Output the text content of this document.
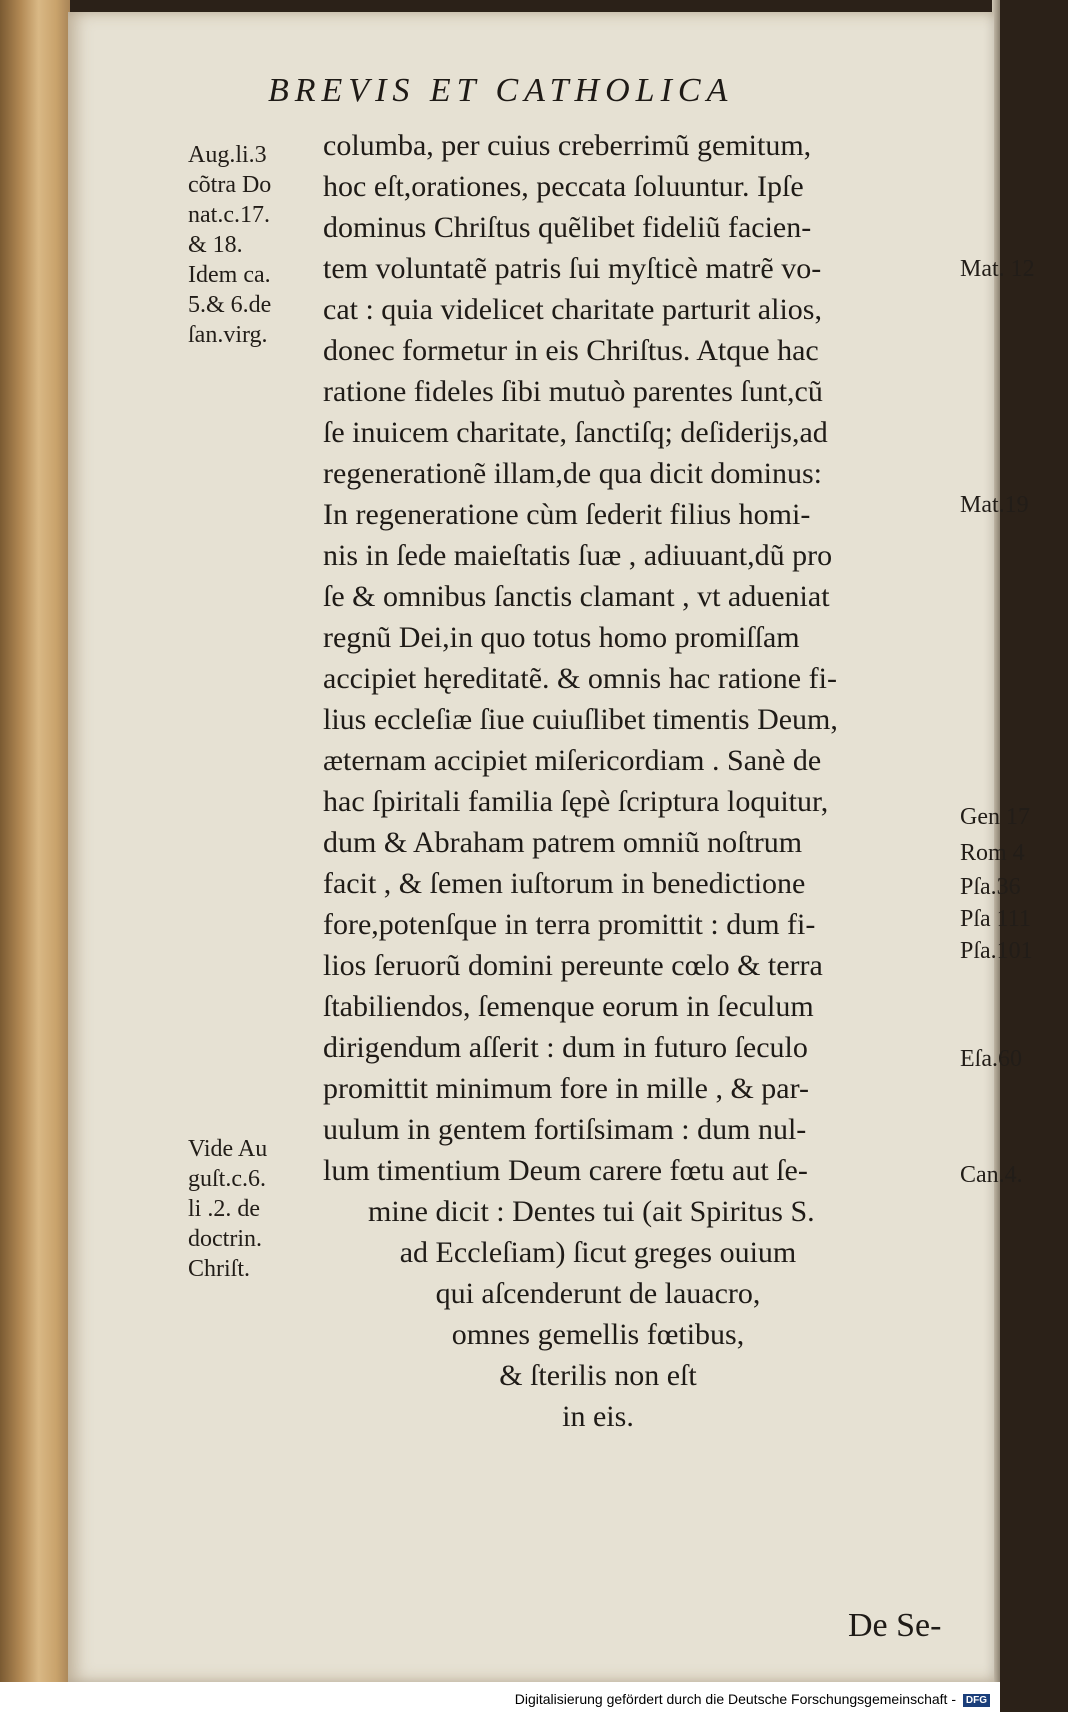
BREVIS ET CATHOLICA
columba, per cuius creberrimũ gemitum,
hoc eſt,orationes, peccata ſoluuntur. Ipſe
dominus Chriſtus quẽlibet fideliũ facien-
tem voluntatẽ patris ſui myſticè matrẽ vo-
cat : quia videlicet charitate parturit alios,
donec formetur in eis Chriſtus. Atque hac
ratione fideles ſibi mutuò parentes ſunt,cũ
ſe inuicem charitate, ſanctiſq; deſiderijs,ad
regenerationẽ illam,de qua dicit dominus:
In regeneratione cùm ſederit filius homi-
nis in ſede maieſtatis ſuæ , adiuuant,dũ pro
ſe & omnibus ſanctis clamant , vt adueniat
regnũ Dei,in quo totus homo promiſſam
accipiet hęreditatẽ. & omnis hac ratione fi-
lius eccleſiæ ſiue cuiuſlibet timentis Deum,
æternam accipiet miſericordiam . Sanè de
hac ſpiritali familia ſępè ſcriptura loquitur,
dum & Abraham patrem omniũ noſtrum
facit , & ſemen iuſtorum in benedictione
fore,potenſque in terra promittit : dum fi-
lios ſeruorũ domini pereunte cœlo & terra
ſtabiliendos, ſemenque eorum in ſeculum
dirigendum aſſerit : dum in futuro ſeculo
promittit minimum fore in mille , & par-
uulum in gentem fortiſsimam : dum nul-
lum timentium Deum carere fœtu aut ſe-
mine dicit : Dentes tui (ait Spiritus S.
ad Eccleſiam) ſicut greges ouium
qui aſcenderunt de lauacro,
omnes gemellis fœtibus,
& ſterilis non eſt
in eis.
Aug.li.3
cõtra Do
nat.c.17.
& 18.
Idem ca.
5.& 6.de
ſan.virg.
Vide Au
guſt.c.6.
li .2. de
doctrin.
Chriſt.
Mat. 12
Mat.19
Gen 17
Rom 4
Pſa.36
Pſa 111
Pſa.101
Eſa.60
Can.4.
De Se-
Digitalisierung gefördert durch die Deutsche Forschungsgemeinschaft - DFG
